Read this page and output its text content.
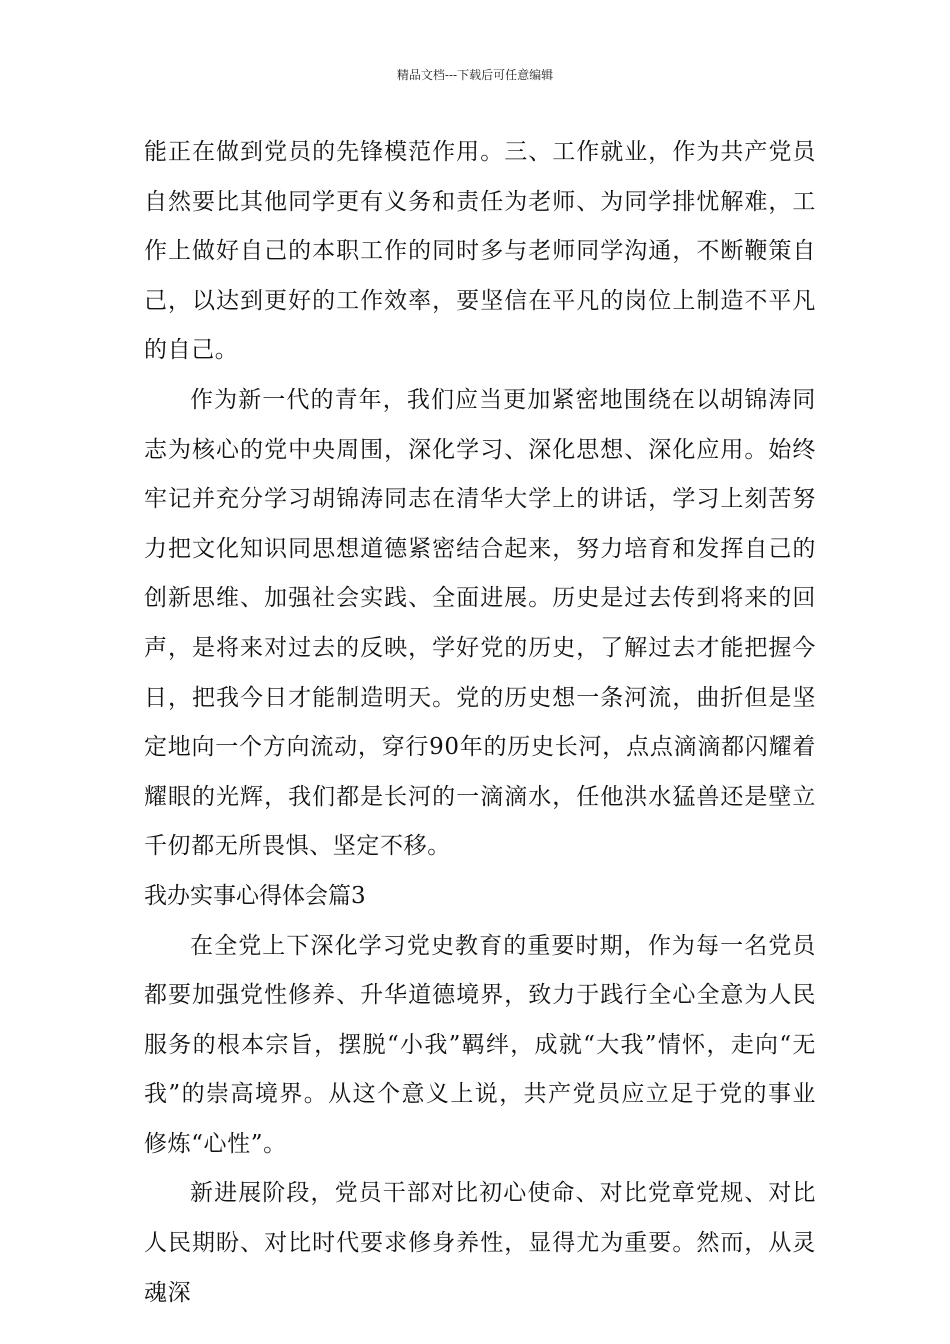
精品文档---下载后可任意编辑

能正在做到党员的先锋模范作用。三、工作就业，作为共产党员自然要比其他同学更有义务和责任为老师、为同学排忧解难，工作上做好自己的本职工作的同时多与老师同学沟通，不断鞭策自己，以达到更好的工作效率，要坚信在平凡的岗位上制造不平凡的自己。

作为新一代的青年，我们应当更加紧密地围绕在以胡锦涛同志为核心的党中央周围，深化学习、深化思想、深化应用。始终牢记并充分学习胡锦涛同志在清华大学上的讲话，学习上刻苦努力把文化知识同思想道德紧密结合起来，努力培育和发挥自己的创新思维、加强社会实践、全面进展。历史是过去传到将来的回声，是将来对过去的反映，学好党的历史，了解过去才能把握今日，把我今日才能制造明天。党的历史想一条河流，曲折但是坚定地向一个方向流动，穿行90年的历史长河，点点滴滴都闪耀着耀眼的光辉，我们都是长河的一滴滴水，任他洪水猛兽还是壁立千仞都无所畏惧、坚定不移。

我办实事心得体会篇3

在全党上下深化学习党史教育的重要时期，作为每一名党员都要加强党性修养、升华道德境界，致力于践行全心全意为人民服务的根本宗旨，摆脱“小我”羁绊，成就“大我”情怀，走向“无我”的崇高境界。从这个意义上说，共产党员应立足于党的事业修炼“心性”。

新进展阶段，党员干部对比初心使命、对比党章党规、对比人民期盼、对比时代要求修身养性，显得尤为重要。然而，从灵魂深
